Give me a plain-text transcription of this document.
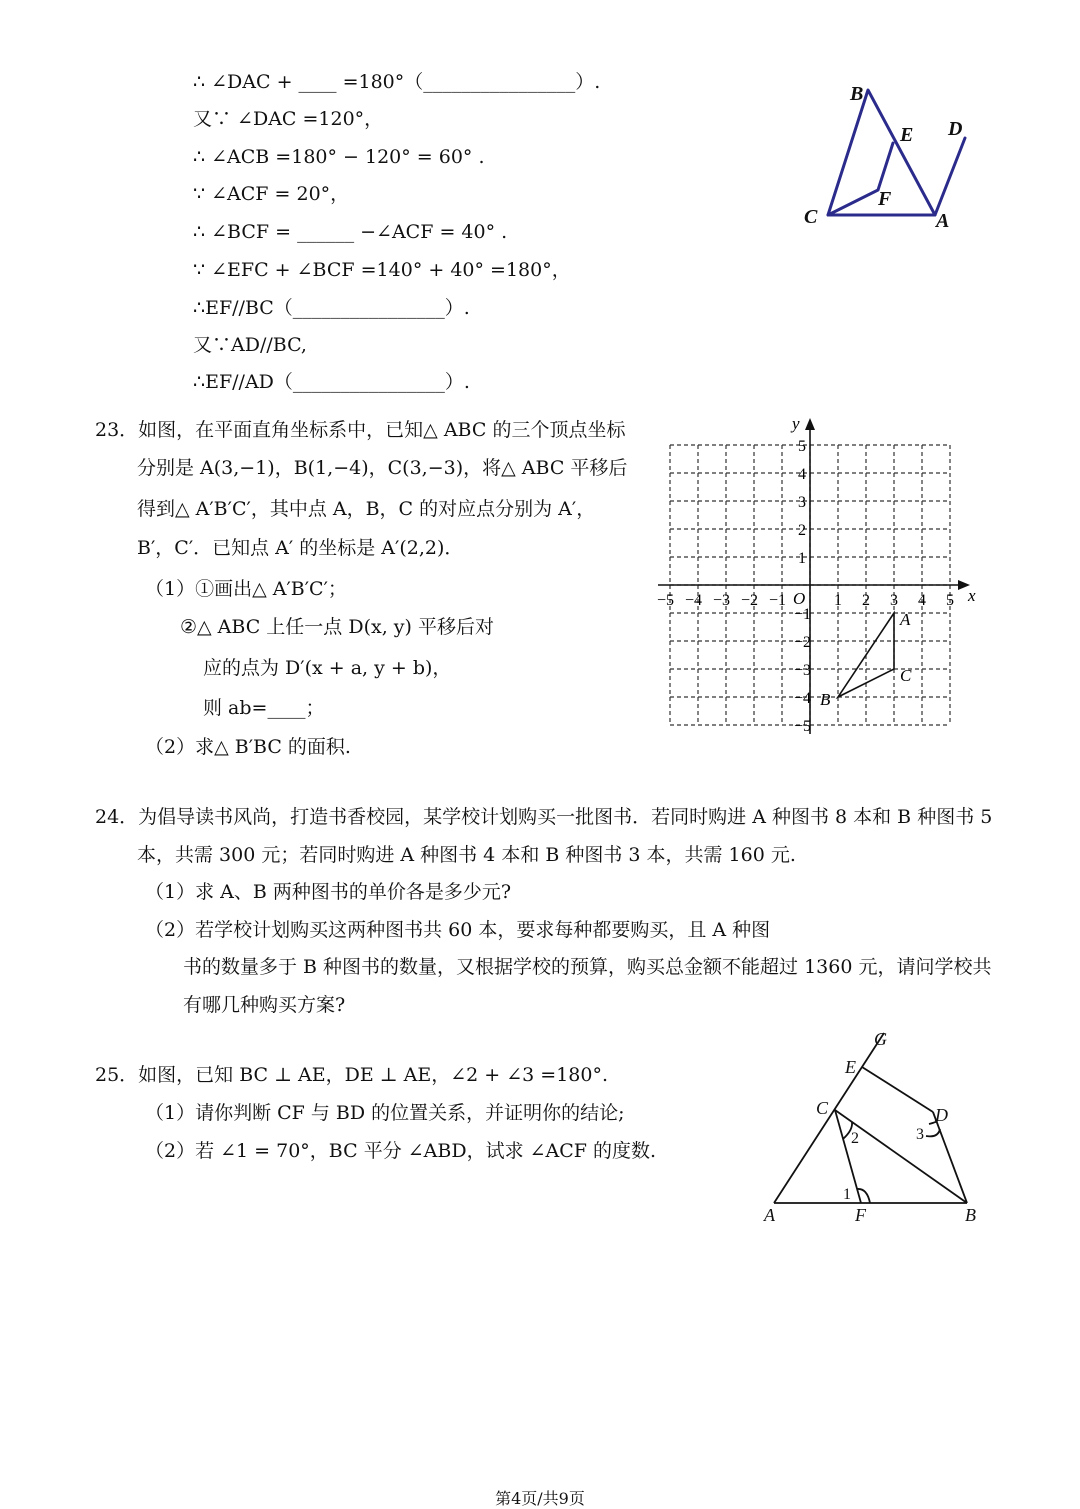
∴ ∠DAC + ____ =180°（________________）.
又∵ ∠DAC =120°，
∴ ∠ACB =180° − 120° = 60° .
∵ ∠ACF = 20°，
∴ ∠BCF = ______ −∠ACF = 40° .
∵ ∠EFC + ∠BCF =140° + 40° =180°，
∴EF//BC（________________）.
又∵AD//BC,
∴EF//AD（________________）.
B
E D
F
C	A
23．如图，在平面直角坐标系中，已知△ ABC 的三个顶点坐标
分别是 A(3,−1)，B(1,−4)，C(3,−3)，将△ ABC 平移后
得到△ A′B′C′，其中点 A，B，C 的对应点分别为 A′，
B′，C′．已知点 A′ 的坐标是 A′(2,2)．
（1）①画出△ A′B′C′；
②△ ABC 上任一点 D(x, y) 平移后对
应的点为 D′(x + a, y + b)，
则 ab=____；
（2）求△ B′BC 的面积.
x
y
O
−5 −4 −3 −2 −1	1 2 3 4 5
5
4
3
2
1
−1
−2
−3
−4
−5
A
B
C
24．为倡导读书风尚，打造书香校园，某学校计划购买一批图书．若同时购进 A 种图书 8 本和 B 种图书 5
本，共需 300 元；若同时购进 A 种图书 4 本和 B 种图书 3 本，共需 160 元.
（1）求 A、B 两种图书的单价各是多少元?
（2）若学校计划购买这两种图书共 60 本，要求每种都要购买，且 A 种图
书的数量多于 B 种图书的数量，又根据学校的预算，购买总金额不能超过 1360 元，请问学校共
有哪几种购买方案?
25．如图，已知 BC ⊥ AE，DE ⊥ AE，∠2 + ∠3 =180°.
（1）请你判断 CF 与 BD 的位置关系，并证明你的结论;
（2）若 ∠1 = 70°，BC 平分 ∠ABD，试求 ∠ACF 的度数.
G
E
C	D
2	3
1
A	F	B
第4页/共9页
